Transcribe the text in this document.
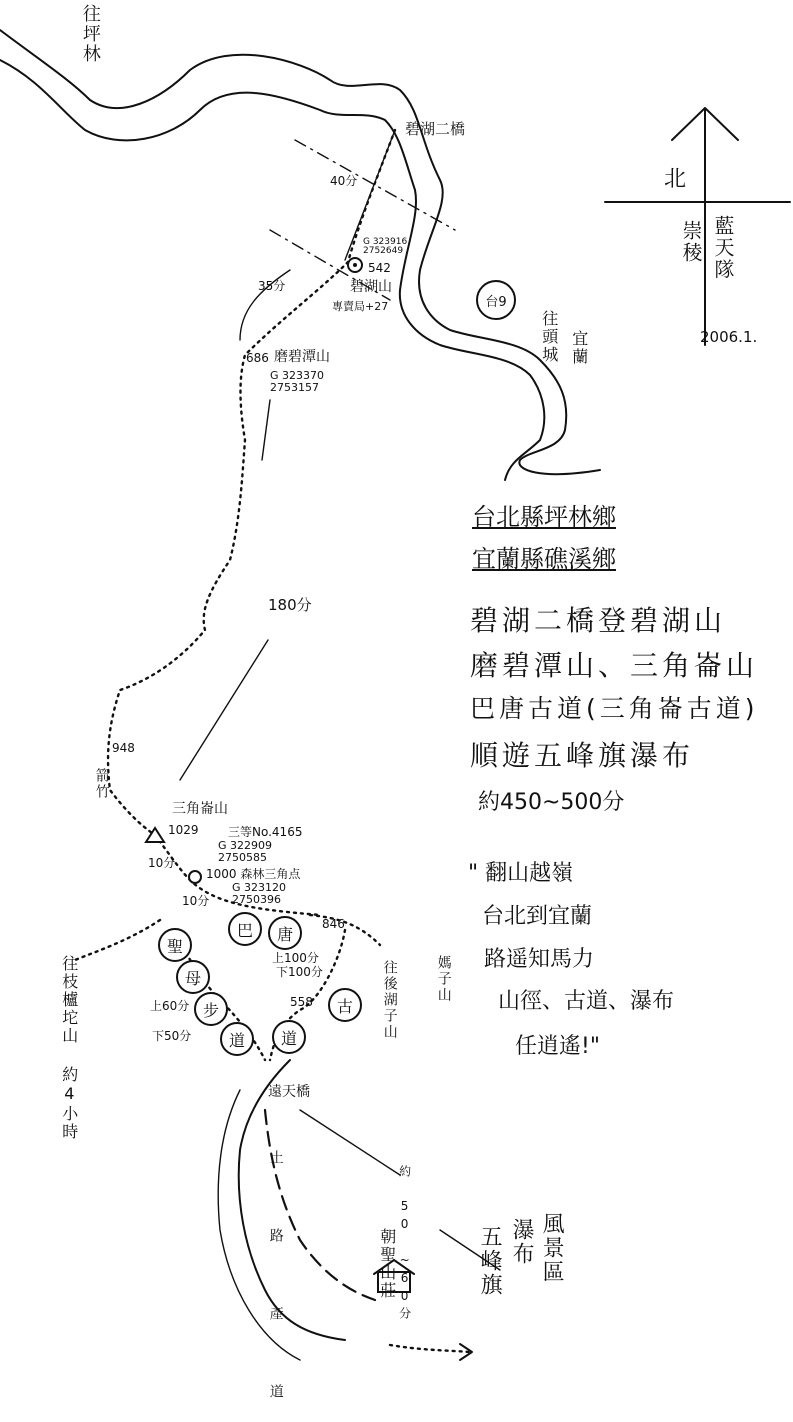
北
藍天隊
崇稜
2006.1.
往坪林
碧湖二橋
40分
G 323916 2752649
542
碧湖山
專賣局+27
35分
台9
往頭城 宜蘭
686 磨碧潭山
G 323370 2753157
180分
台北縣坪林鄉
宜蘭縣礁溪鄉
碧湖二橋登碧湖山
磨碧潭山、三角崙山
巴唐古道(三角崙古道)
順遊五峰旗瀑布
約450~500分
" 翻山越嶺
台北到宜蘭
路遥知馬力
山徑、古道、瀑布
任逍遙!"
948
箭竹
三角崙山
1029 三等No.4165
G 322909 2750585
10分
1000 森林三角点
G 323120 2750396
10分
846
聖
母
步
道
巴 唐
古
道
上100分
下100分
上60分
下50分
558	往後湖子山	媽子山
往枝櫨坨山 約4小時	遠天橋
土 路 產 道	約 50 ~60分
朝聖山莊	五峰旗 瀑布 風景區
